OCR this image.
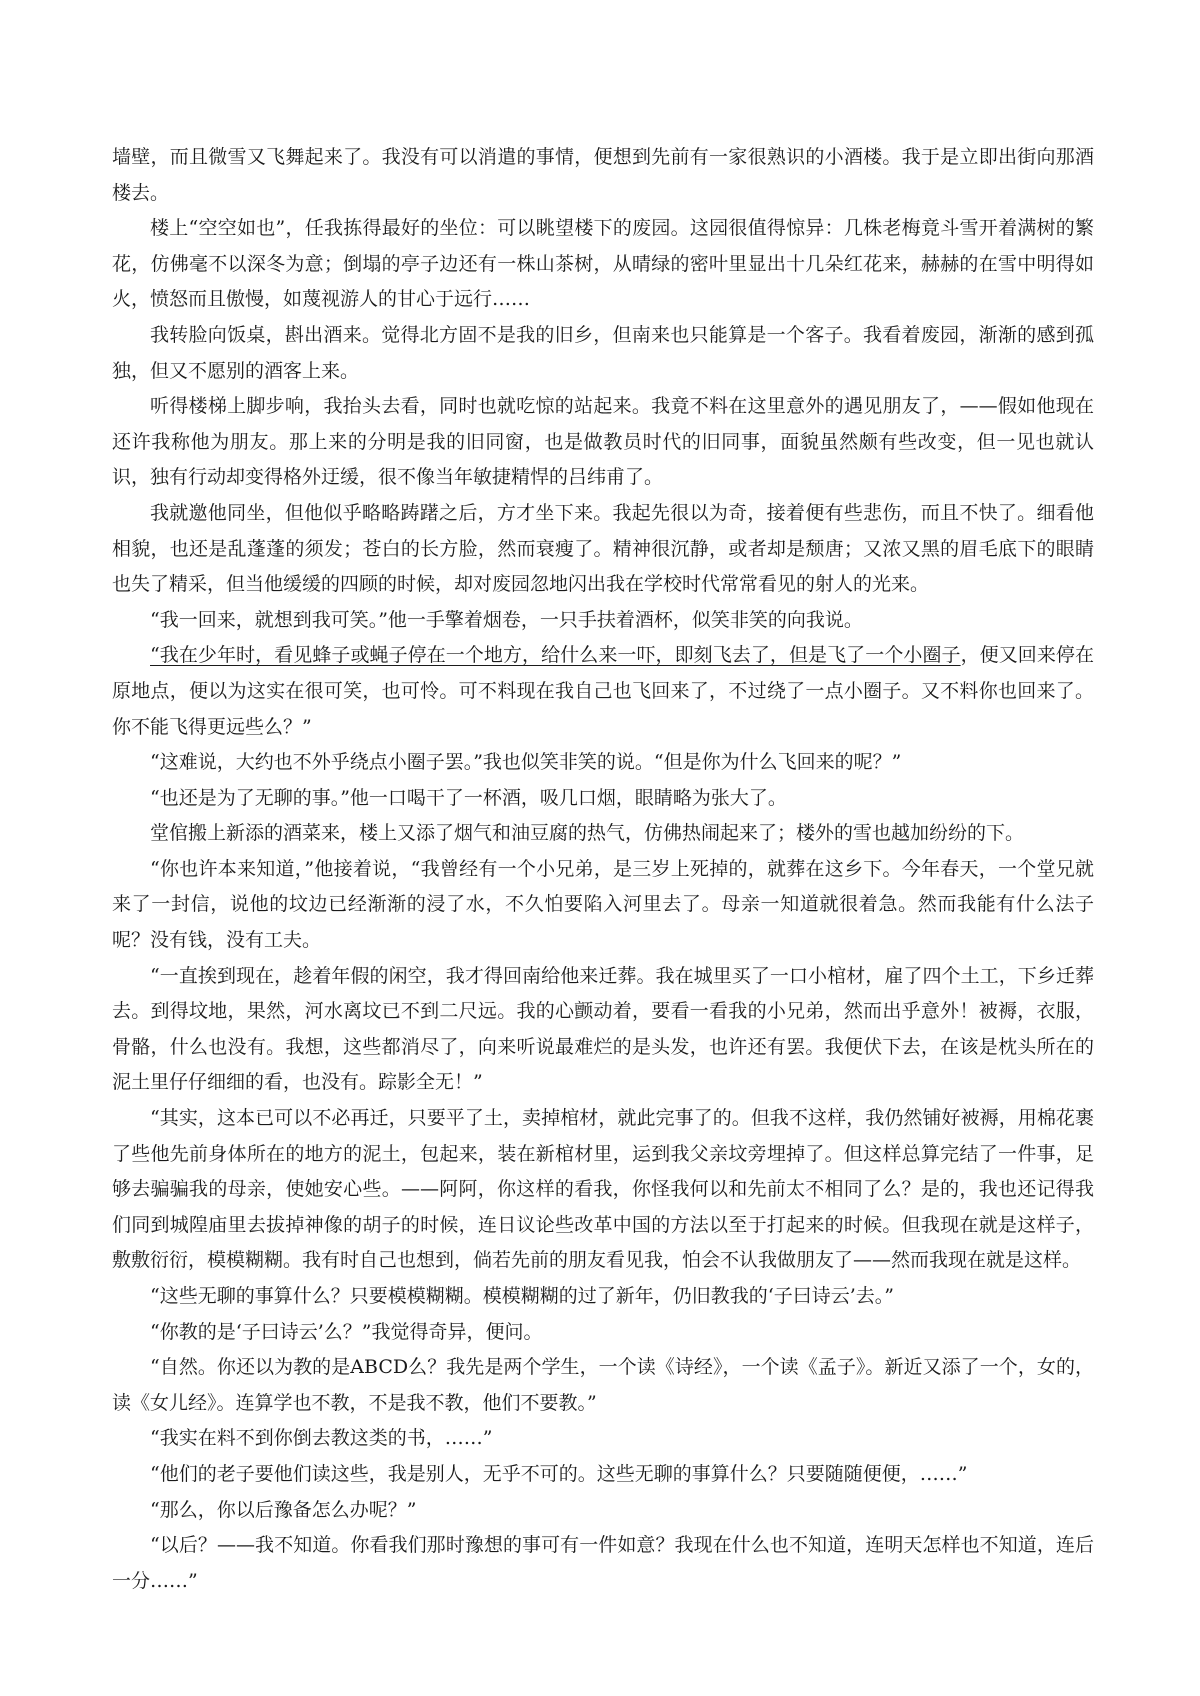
墙壁，而且微雪又飞舞起来了。我没有可以消遣的事情，便想到先前有一家很熟识的小酒楼。我于是立即出街向那酒楼去。

楼上“空空如也”，任我拣得最好的坐位：可以眺望楼下的废园。这园很值得惊异：几株老梅竟斗雪开着满树的繁花，仿佛毫不以深冬为意；倒塌的亭子边还有一株山茶树，从晴绿的密叶里显出十几朵红花来，赫赫的在雪中明得如火，愤怒而且傲慢，如蔑视游人的甘心于远行……

我转脸向饭桌，斟出酒来。觉得北方固不是我的旧乡，但南来也只能算是一个客子。我看着废园，渐渐的感到孤独，但又不愿别的酒客上来。

听得楼梯上脚步响，我抬头去看，同时也就吃惊的站起来。我竟不料在这里意外的遇见朋友了，——假如他现在还许我称他为朋友。那上来的分明是我的旧同窗，也是做教员时代的旧同事，面貌虽然颇有些改变，但一见也就认识，独有行动却变得格外迂缓，很不像当年敏捷精悍的吕纬甫了。

我就邀他同坐，但他似乎略略踌躇之后，方才坐下来。我起先很以为奇，接着便有些悲伤，而且不快了。细看他相貌，也还是乱蓬蓬的须发；苍白的长方脸，然而衰瘦了。精神很沉静，或者却是颓唐；又浓又黑的眉毛底下的眼睛也失了精采，但当他缓缓的四顾的时候，却对废园忽地闪出我在学校时代常常看见的射人的光来。

“我一回来，就想到我可笑。”他一手擎着烟卷，一只手扶着酒杯，似笑非笑的向我说。

“我在少年时，看见蜂子或蝇子停在一个地方，给什么来一吓，即刻飞去了，但是飞了一个小圈子，便又回来停在原地点，便以为这实在很可笑，也可怜。可不料现在我自己也飞回来了，不过绕了一点小圈子。又不料你也回来了。你不能飞得更远些么？”

“这难说，大约也不外乎绕点小圈子罢。”我也似笑非笑的说。“但是你为什么飞回来的呢？”

“也还是为了无聊的事。”他一口喝干了一杯酒，吸几口烟，眼睛略为张大了。

堂倌搬上新添的酒菜来，楼上又添了烟气和油豆腐的热气，仿佛热闹起来了；楼外的雪也越加纷纷的下。

“你也许本来知道，”他接着说，“我曾经有一个小兄弟，是三岁上死掉的，就葬在这乡下。今年春天，一个堂兄就来了一封信，说他的坟边已经渐渐的浸了水，不久怕要陷入河里去了。母亲一知道就很着急。然而我能有什么法子呢？没有钱，没有工夫。

“一直挨到现在，趁着年假的闲空，我才得回南给他来迁葬。我在城里买了一口小棺材，雇了四个土工，下乡迁葬去。到得坟地，果然，河水离坟已不到二尺远。我的心颤动着，要看一看我的小兄弟，然而出乎意外！被褥，衣服，骨骼，什么也没有。我想，这些都消尽了，向来听说最难烂的是头发，也许还有罢。我便伏下去，在该是枕头所在的泥土里仔仔细细的看，也没有。踪影全无！”

“其实，这本已可以不必再迁，只要平了土，卖掉棺材，就此完事了的。但我不这样，我仍然铺好被褥，用棉花裹了些他先前身体所在的地方的泥土，包起来，装在新棺材里，运到我父亲坟旁埋掉了。但这样总算完结了一件事，足够去骗骗我的母亲，使她安心些。——阿阿，你这样的看我，你怪我何以和先前太不相同了么？是的，我也还记得我们同到城隍庙里去拔掉神像的胡子的时候，连日议论些改革中国的方法以至于打起来的时候。但我现在就是这样子，敷敷衍衍，模模糊糊。我有时自己也想到，倘若先前的朋友看见我，怕会不认我做朋友了——然而我现在就是这样。

“这些无聊的事算什么？只要模模糊糊。模模糊糊的过了新年，仍旧教我的‘子曰诗云’去。”

“你教的是‘子曰诗云’么？”我觉得奇异，便问。

“自然。你还以为教的是ABCD么？我先是两个学生，一个读《诗经》，一个读《孟子》。新近又添了一个，女的，读《女儿经》。连算学也不教，不是我不教，他们不要教。”

“我实在料不到你倒去教这类的书，……”

“他们的老子要他们读这些，我是别人，无乎不可的。这些无聊的事算什么？只要随随便便，……”

“那么，你以后豫备怎么办呢？”

“以后？——我不知道。你看我们那时豫想的事可有一件如意？我现在什么也不知道，连明天怎样也不知道，连后一分……”
